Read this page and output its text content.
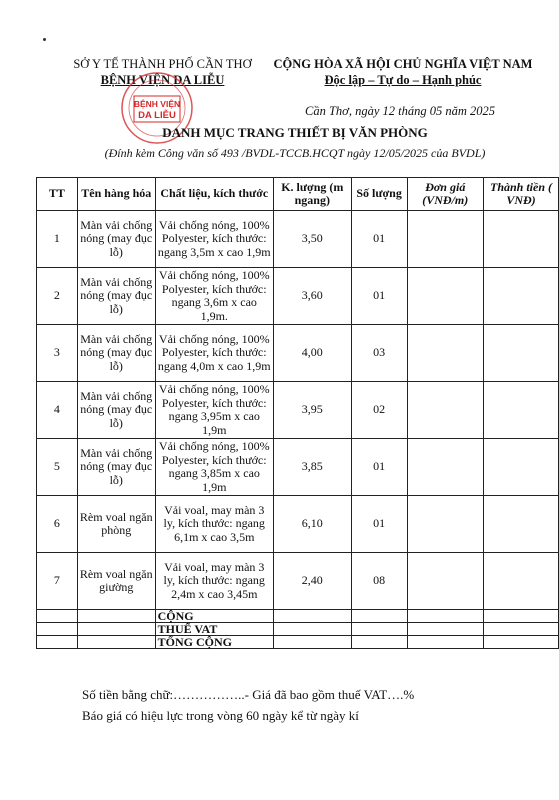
SỞ Y TẾ THÀNH PHỐ CẦN THƠ
BỆNH VIỆN DA LIỄU
CỘNG HÒA XÃ HỘI CHỦ NGHĨA VIỆT NAM
Độc lập – Tự do – Hạnh phúc
Cần Thơ, ngày 12 tháng 05 năm 2025
BỆNH VIỆN
DA LIỄU
DANH MỤC TRANG THIẾT BỊ VĂN PHÒNG
(Đính kèm Công văn số 493 /BVDL-TCCB.HCQT ngày 12/05/2025 của BVDL)
TT	Tên hàng hóa	Chất liệu, kích thước	K. lượng (m ngang)	Số lượng	Đơn giá (VNĐ/m)	Thành tiền ( VNĐ)
1	Màn vải chống nóng (may đục lỗ)	Vải chống nóng, 100% Polyester, kích thước: ngang 3,5m x cao 1,9m	3,50	01		
2	Màn vải chống nóng (may đục lỗ)	Vải chống nóng, 100% Polyester, kích thước: ngang 3,6m x cao 1,9m.	3,60	01		
3	Màn vải chống nóng (may đục lỗ)	Vải chống nóng, 100% Polyester, kích thước: ngang 4,0m x cao 1,9m	4,00	03		
4	Màn vải chống nóng (may đục lỗ)	Vải chống nóng, 100% Polyester, kích thước: ngang 3,95m x cao 1,9m	3,95	02		
5	Màn vải chống nóng (may đục lỗ)	Vải chống nóng, 100% Polyester, kích thước: ngang 3,85m x cao 1,9m	3,85	01		
6	Rèm voal ngăn phòng	Vải voal, may màn 3 ly, kích thước: ngang 6,1m x cao 3,5m	6,10	01		
7	Rèm voal ngăn giường	Vải voal, may màn 3 ly, kích thước: ngang 2,4m x cao 3,45m	2,40	08		
		CỘNG				
		THUẾ VAT				
		TỔNG CỘNG				
Số tiền bằng chữ:……………..- Giá đã bao gồm thuế VAT….%
Báo giá có hiệu lực trong vòng 60 ngày kể từ ngày kí
